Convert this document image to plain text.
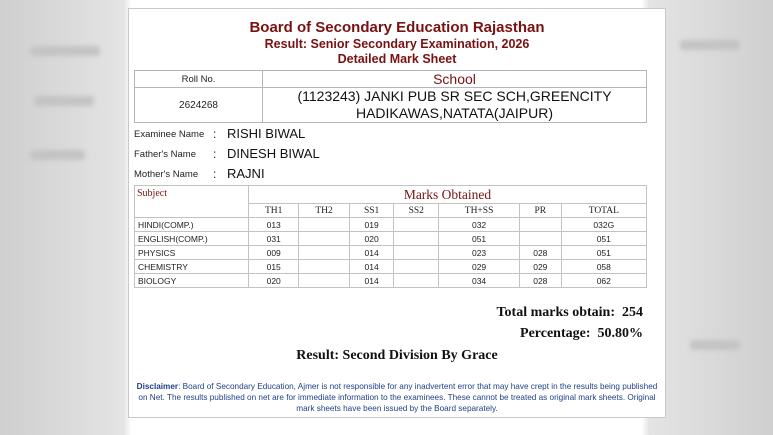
Board of Secondary Education Rajasthan
Result: Senior Secondary Examination, 2026
Detailed Mark Sheet
Roll No.	School
2624268	(1123243) JANKI PUB SR SEC SCH,GREENCITY
HADIKAWAS,NATATA(JAIPUR)
Examinee Name : RISHI BIWAL
Father's Name	: DINESH BIWAL
Mother's Name	: RAJNI
Subject	Marks Obtained						
	TH1	TH2	SS1	SS2	TH+SS	PR	TOTAL
HINDI(COMP.)	013		019		032		032G
ENGLISH(COMP.)	031		020		051		051
PHYSICS	009		014		023	028	051
CHEMISTRY	015		014		029	029	058
BIOLOGY	020		014		034	028	062
Total marks obtain: 254
Percentage: 50.80%
Result: Second Division By Grace
Disclaimer: Board of Secondary Education, Ajmer is not responsible for any inadvertent error that may have crept in the results being published on Net. The results published on net are for immediate information to the examinees. These cannot be treated as original mark sheets. Original mark sheets have been issued by the Board separately.
